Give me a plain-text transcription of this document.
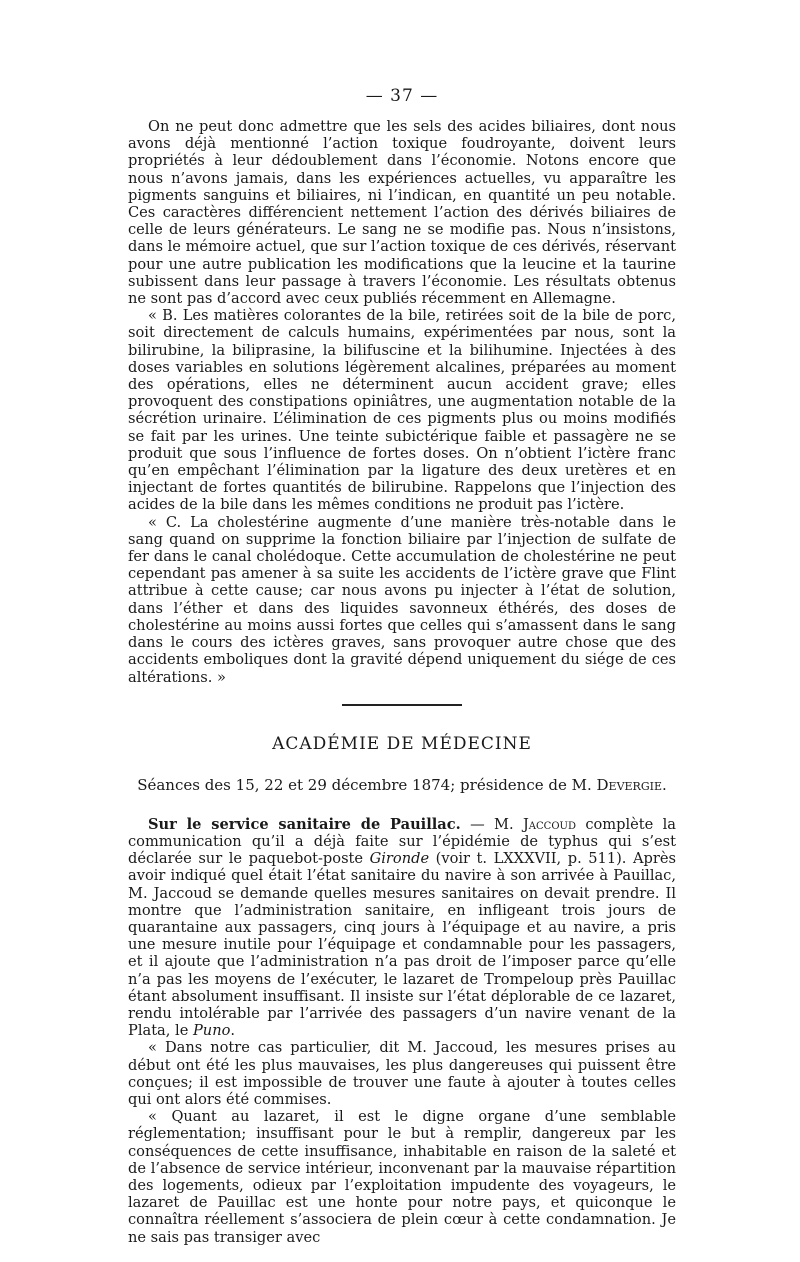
— 37 —

On ne peut donc admettre que les sels des acides biliaires, dont nous avons déjà mentionné l’action toxique foudroyante, doivent leurs propriétés à leur dédoublement dans l’économie. Notons encore que nous n’avons jamais, dans les expériences actuelles, vu apparaître les pigments sanguins et biliaires, ni l’indican, en quantité un peu notable. Ces caractères différencient nettement l’action des dérivés biliaires de celle de leurs générateurs. Le sang ne se modifie pas. Nous n’insistons, dans le mémoire actuel, que sur l’action toxique de ces dérivés, réservant pour une autre publication les modifications que la leucine et la taurine subissent dans leur passage à travers l’économie. Les résultats obtenus ne sont pas d’accord avec ceux publiés récemment en Allemagne.

« B. Les matières colorantes de la bile, retirées soit de la bile de porc, soit directement de calculs humains, expérimentées par nous, sont la bilirubine, la biliprasine, la bilifuscine et la bilihumine. Injectées à des doses variables en solutions légèrement alcalines, préparées au moment des opérations, elles ne déterminent aucun accident grave; elles provoquent des constipations opiniâtres, une augmentation notable de la sécrétion urinaire. L’élimination de ces pigments plus ou moins modifiés se fait par les urines. Une teinte subictérique faible et passagère ne se produit que sous l’influence de fortes doses. On n’obtient l’ictère franc qu’en empêchant l’élimination par la ligature des deux uretères et en injectant de fortes quantités de bilirubine. Rappelons que l’injection des acides de la bile dans les mêmes conditions ne produit pas l’ictère.

« C. La cholestérine augmente d’une manière très-notable dans le sang quand on supprime la fonction biliaire par l’injection de sulfate de fer dans le canal cholédoque. Cette accumulation de cholestérine ne peut cependant pas amener à sa suite les accidents de l’ictère grave que Flint attribue à cette cause; car nous avons pu injecter à l’état de solution, dans l’éther et dans des liquides savonneux éthérés, des doses de cholestérine au moins aussi fortes que celles qui s’amassent dans le sang dans le cours des ictères graves, sans provoquer autre chose que des accidents emboliques dont la gravité dépend uniquement du siége de ces altérations. »

ACADÉMIE DE MÉDECINE
Séances des 15, 22 et 29 décembre 1874; présidence de M. Devergie.

Sur le service sanitaire de Pauillac. — M. Jaccoud complète la communication qu’il a déjà faite sur l’épidémie de typhus qui s’est déclarée sur le paquebot-poste Gironde (voir t. LXXXVII, p. 511). Après avoir indiqué quel était l’état sanitaire du navire à son arrivée à Pauillac, M. Jaccoud se demande quelles mesures sanitaires on devait prendre. Il montre que l’administration sanitaire, en infligeant trois jours de quarantaine aux passagers, cinq jours à l’équipage et au navire, a pris une mesure inutile pour l’équipage et condamnable pour les passagers, et il ajoute que l’administration n’a pas droit de l’imposer parce qu’elle n’a pas les moyens de l’exécuter, le lazaret de Trompeloup près Pauillac étant absolument insuffisant. Il insiste sur l’état déplorable de ce lazaret, rendu intolérable par l’arrivée des passagers d’un navire venant de la Plata, le Puno.

« Dans notre cas particulier, dit M. Jaccoud, les mesures prises au début ont été les plus mauvaises, les plus dangereuses qui puissent être conçues; il est impossible de trouver une faute à ajouter à toutes celles qui ont alors été commises.

« Quant au lazaret, il est le digne organe d’une semblable réglementation; insuffisant pour le but à remplir, dangereux par les conséquences de cette insuffisance, inhabitable en raison de la saleté et de l’absence de service intérieur, inconvenant par la mauvaise répartition des logements, odieux par l’exploitation impudente des voyageurs, le lazaret de Pauillac est une honte pour notre pays, et quiconque le connaîtra réellement s’associera de plein cœur à cette condamnation. Je ne sais pas transiger avec
